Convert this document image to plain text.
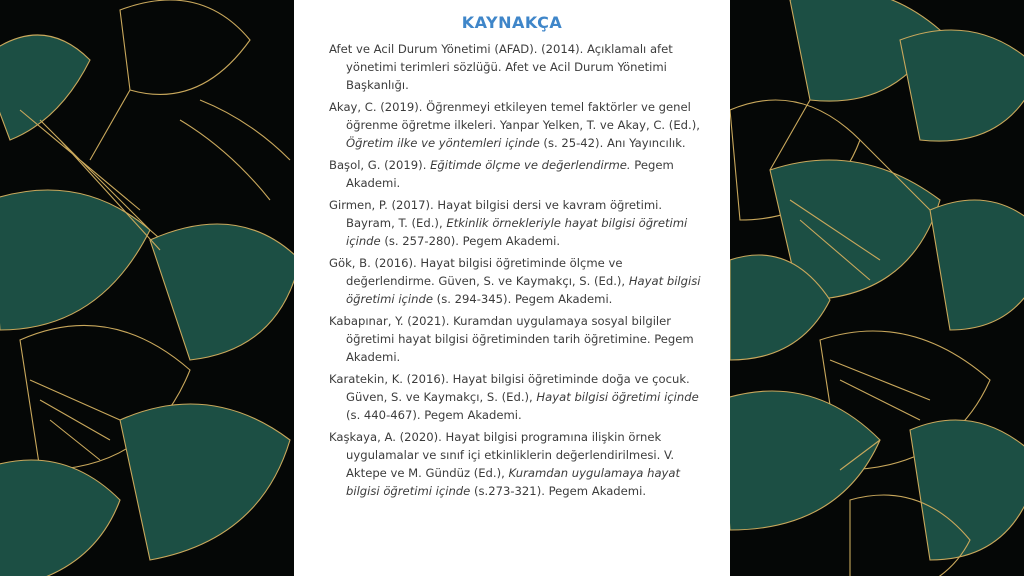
KAYNAKÇA

Afet ve Acil Durum Yönetimi (AFAD). (2014). Açıklamalı afet yönetimi terimleri sözlüğü. Afet ve Acil Durum Yönetimi Başkanlığı.

Akay, C. (2019). Öğrenmeyi etkileyen temel faktörler ve genel öğrenme öğretme ilkeleri. Yanpar Yelken, T. ve Akay, C. (Ed.), Öğretim ilke ve yöntemleri içinde (s. 25-42). Anı Yayıncılık.

Başol, G. (2019). Eğitimde ölçme ve değerlendirme. Pegem Akademi.

Girmen, P. (2017). Hayat bilgisi dersi ve kavram öğretimi. Bayram, T. (Ed.), Etkinlik örnekleriyle hayat bilgisi öğretimi içinde (s. 257-280). Pegem Akademi.

Gök, B. (2016). Hayat bilgisi öğretiminde ölçme ve değerlendirme. Güven, S. ve Kaymakçı, S. (Ed.), Hayat bilgisi öğretimi içinde (s. 294-345). Pegem Akademi.

Kabapınar, Y. (2021). Kuramdan uygulamaya sosyal bilgiler öğretimi hayat bilgisi öğretiminden tarih öğretimine. Pegem Akademi.

Karatekin, K. (2016). Hayat bilgisi öğretiminde doğa ve çocuk. Güven, S. ve Kaymakçı, S. (Ed.), Hayat bilgisi öğretimi içinde (s. 440-467). Pegem Akademi.

Kaşkaya, A. (2020). Hayat bilgisi programına ilişkin örnek uygulamalar ve sınıf içi etkinliklerin değerlendirilmesi. V. Aktepe ve M. Gündüz (Ed.), Kuramdan uygulamaya hayat bilgisi öğretimi içinde (s.273-321). Pegem Akademi.
